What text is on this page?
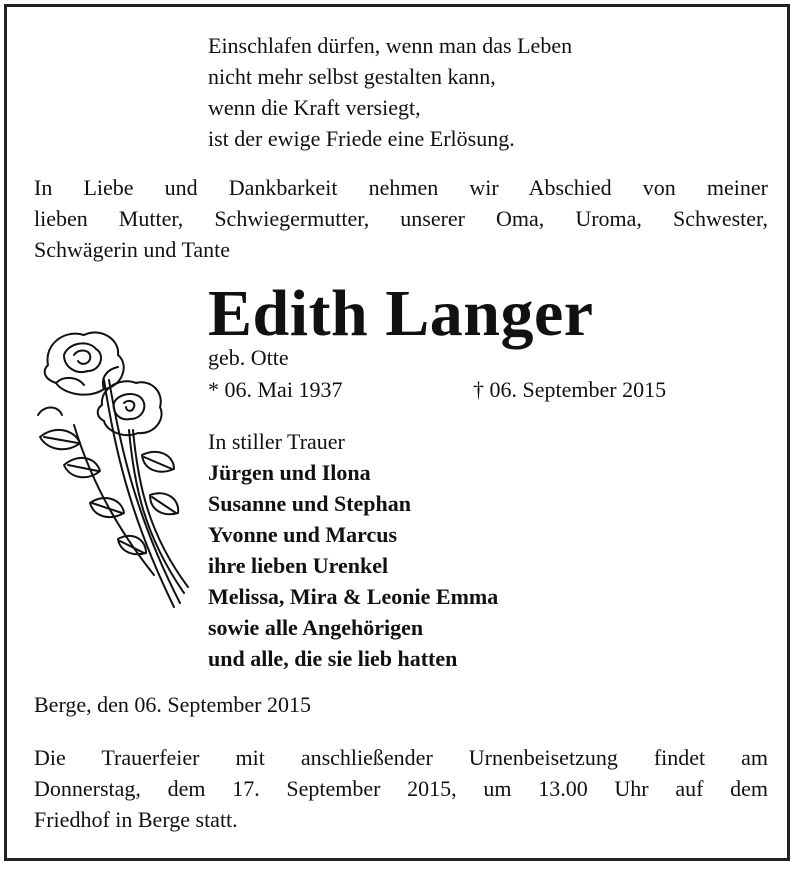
Einschlafen dürfen, wenn man das Leben
nicht mehr selbst gestalten kann,
wenn die Kraft versiegt,
ist der ewige Friede eine Erlösung.
In Liebe und Dankbarkeit nehmen wir Abschied von meiner
lieben Mutter, Schwiegermutter, unserer Oma, Uroma, Schwester,
Schwägerin und Tante
Edith Langer
geb. Otte
* 06. Mai 1937	† 06. September 2015
In stiller Trauer
Jürgen und Ilona
Susanne und Stephan
Yvonne und Marcus
ihre lieben Urenkel
Melissa, Mira & Leonie Emma
sowie alle Angehörigen
und alle, die sie lieb hatten
Berge, den 06. September 2015
Die Trauerfeier mit anschließender Urnenbeisetzung findet am
Donnerstag, dem 17. September 2015, um 13.00 Uhr auf dem
Friedhof in Berge statt.
